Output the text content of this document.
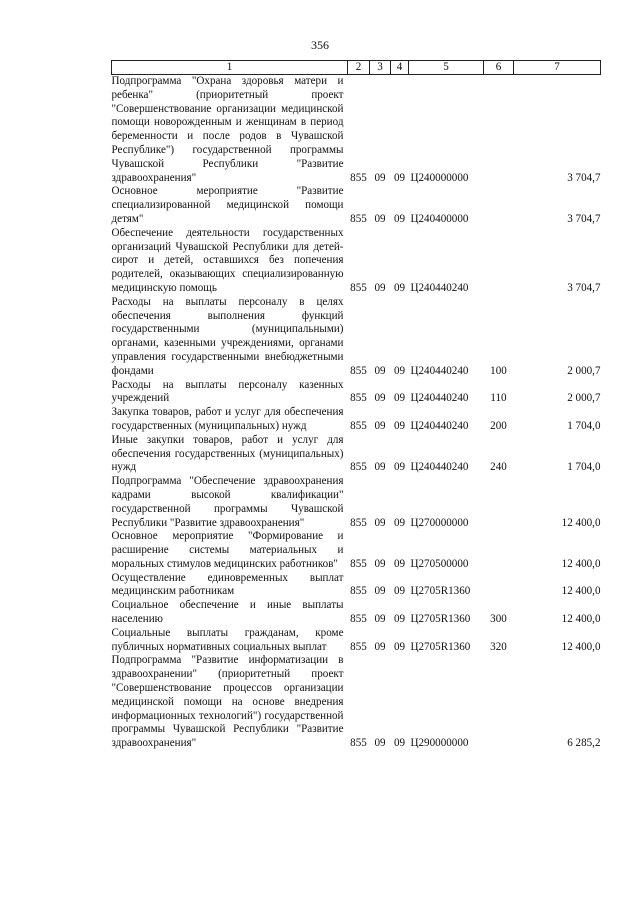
356
1	2	3	4	5	6	7
Подпрограмма "Охрана здоровья матери и ребенка" (приоритетный проект "Совершенствование организации медицинской помощи новорожденным и женщинам в период беременности и после родов в Чувашской Республике") государственной программы Чувашской Республики "Развитие здравоохранения"	855	09	09	Ц240000000		3 704,7
Основное мероприятие "Развитие специализированной медицинской помощи детям"	855	09	09	Ц240400000		3 704,7
Обеспечение деятельности государственных организаций Чувашской Республики для детей-сирот и детей, оставшихся без попечения родителей, оказывающих специализированную медицинскую помощь	855	09	09	Ц240440240		3 704,7
Расходы на выплаты персоналу в целях обеспечения выполнения функций государственными (муниципальными) органами, казенными учреждениями, органами управления государственными внебюджетными фондами	855	09	09	Ц240440240	100	2 000,7
Расходы на выплаты персоналу казенных учреждений	855	09	09	Ц240440240	110	2 000,7
Закупка товаров, работ и услуг для обеспечения государственных (муниципальных) нужд	855	09	09	Ц240440240	200	1 704,0
Иные закупки товаров, работ и услуг для обеспечения государственных (муниципальных) нужд	855	09	09	Ц240440240	240	1 704,0
Подпрограмма "Обеспечение здравоохранения кадрами высокой квалификации" государственной программы Чувашской Республики "Развитие здравоохранения"	855	09	09	Ц270000000		12 400,0
Основное мероприятие "Формирование и расширение системы материальных и моральных стимулов медицинских работников"	855	09	09	Ц270500000		12 400,0
Осуществление единовременных выплат медицинским работникам	855	09	09	Ц2705R1360		12 400,0
Социальное обеспечение и иные выплаты населению	855	09	09	Ц2705R1360	300	12 400,0
Социальные выплаты гражданам, кроме публичных нормативных социальных выплат	855	09	09	Ц2705R1360	320	12 400,0
Подпрограмма "Развитие информатизации в здравоохранении" (приоритетный проект "Совершенствование процессов организации медицинской помощи на основе внедрения информационных технологий") государственной программы Чувашской Республики "Развитие здравоохранения"	855	09	09	Ц290000000		6 285,2
